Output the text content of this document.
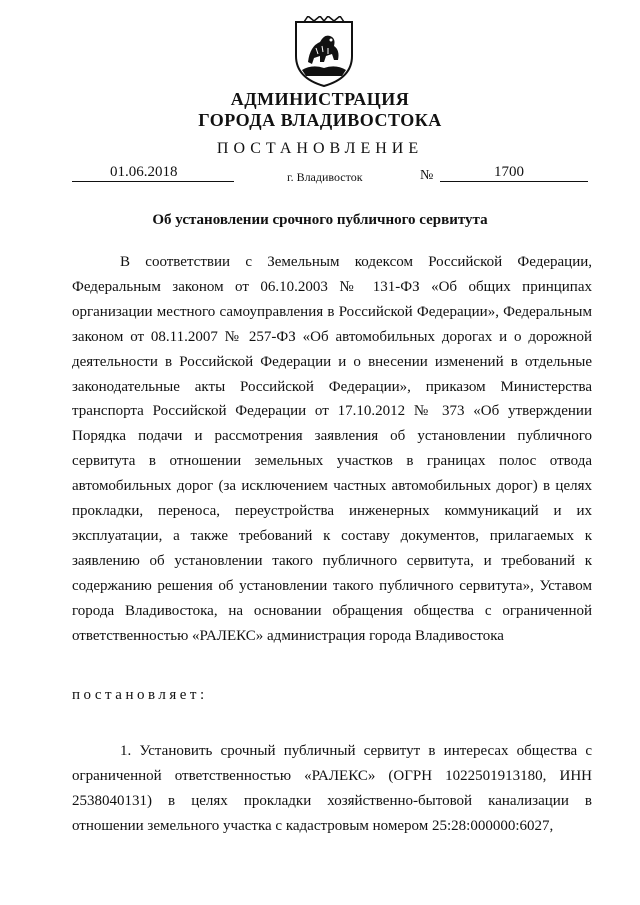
АДМИНИСТРАЦИЯ
ГОРОДА ВЛАДИВОСТОКА
ПОСТАНОВЛЕНИЕ
01.06.2018	г. Владивосток	№	1700
Об установлении срочного публичного сервитута
В соответствии с Земельным кодексом Российской Федерации, Федеральным законом от 06.10.2003 № 131-ФЗ «Об общих принципах организации местного самоуправления в Российской Федерации», Федеральным законом от 08.11.2007 № 257-ФЗ «Об автомобильных дорогах и о дорожной деятельности в Российской Федерации и о внесении изменений в отдельные законодательные акты Российской Федерации», приказом Министерства транспорта Российской Федерации от 17.10.2012 № 373 «Об утверждении Порядка подачи и рассмотрения заявления об установлении публичного сервитута в отношении земельных участков в границах полос отвода автомобильных дорог (за исключением частных автомобильных дорог) в целях прокладки, переноса, переустройства инженерных коммуникаций и их эксплуатации, а также требований к составу документов, прилагаемых к заявлению об установлении такого публичного сервитута, и требований к содержанию решения об установлении такого публичного сервитута», Уставом города Владивостока, на основании обращения общества с ограниченной ответственностью «РАЛЕКС» администрация города Владивостока
постановляет:
1. Установить срочный публичный сервитут в интересах общества с ограниченной ответственностью «РАЛЕКС» (ОГРН 1022501913180, ИНН 2538040131) в целях прокладки хозяйственно-бытовой канализации в отношении земельного участка с кадастровым номером 25:28:000000:6027,
